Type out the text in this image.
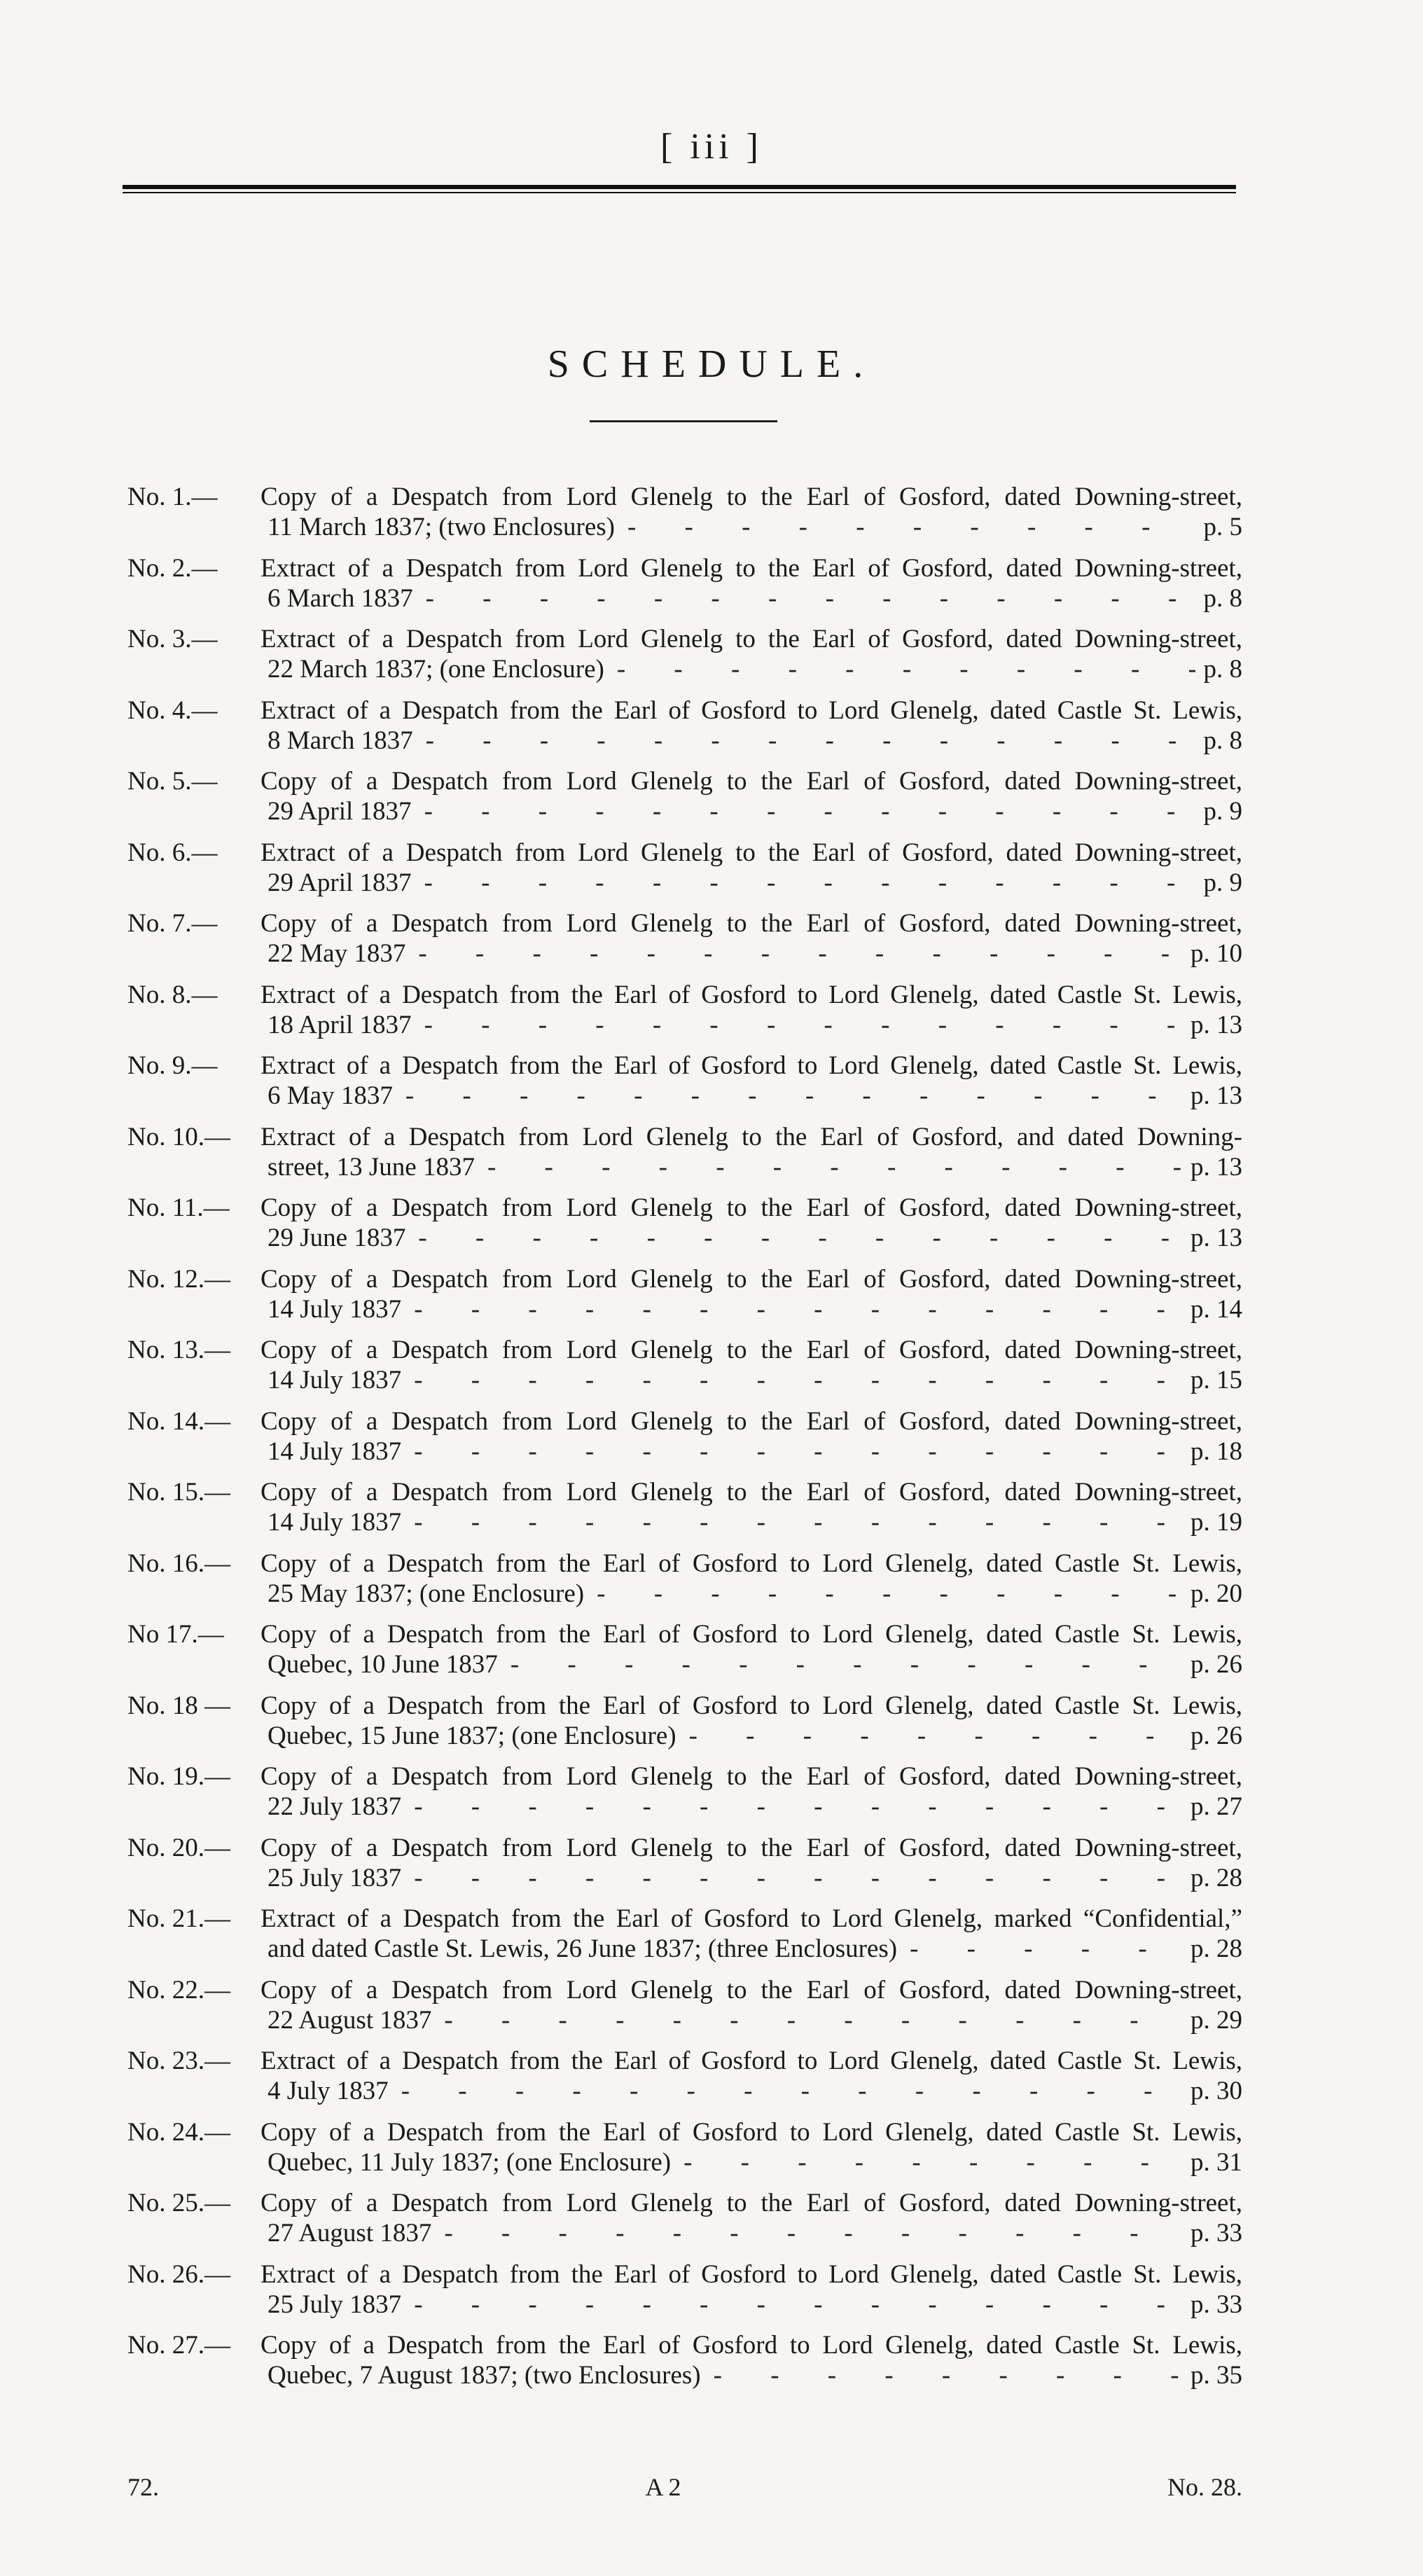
[ iii ]
SCHEDULE.
No. 1.—	Copy of a Despatch from Lord Glenelg to the Earl of Gosford, dated Downing-street,
11 March 1837; (two Enclosures) - - -	p. 5
No. 2.—	Extract of a Despatch from Lord Glenelg to the Earl of Gosford, dated Downing-street,
6 March 1837 - - -	p. 8
No. 3.—	Extract of a Despatch from Lord Glenelg to the Earl of Gosford, dated Downing-street,
22 March 1837; (one Enclosure) - - -	p. 8
No. 4.—	Extract of a Despatch from the Earl of Gosford to Lord Glenelg, dated Castle St. Lewis,
8 March 1837 - - -	p. 8
No. 5.—	Copy of a Despatch from Lord Glenelg to the Earl of Gosford, dated Downing-street,
29 April 1837 - - -	p. 9
No. 6.—	Extract of a Despatch from Lord Glenelg to the Earl of Gosford, dated Downing-street,
29 April 1837 - - -	p. 9
No. 7.—	Copy of a Despatch from Lord Glenelg to the Earl of Gosford, dated Downing-street,
22 May 1837 - - -	p. 10
No. 8.—	Extract of a Despatch from the Earl of Gosford to Lord Glenelg, dated Castle St. Lewis,
18 April 1837 - - -	p. 13
No. 9.—	Extract of a Despatch from the Earl of Gosford to Lord Glenelg, dated Castle St. Lewis,
6 May 1837 - - -	p. 13
No. 10.—	Extract of a Despatch from Lord Glenelg to the Earl of Gosford, and dated Downing-
street, 13 June 1837 - - -	p. 13
No. 11.—	Copy of a Despatch from Lord Glenelg to the Earl of Gosford, dated Downing-street,
29 June 1837 - - -	p. 13
No. 12.—	Copy of a Despatch from Lord Glenelg to the Earl of Gosford, dated Downing-street,
14 July 1837 - - -	p. 14
No. 13.—	Copy of a Despatch from Lord Glenelg to the Earl of Gosford, dated Downing-street,
14 July 1837 - - -	p. 15
No. 14.—	Copy of a Despatch from Lord Glenelg to the Earl of Gosford, dated Downing-street,
14 July 1837 - - -	p. 18
No. 15.—	Copy of a Despatch from Lord Glenelg to the Earl of Gosford, dated Downing-street,
14 July 1837 - - -	p. 19
No. 16.—	Copy of a Despatch from the Earl of Gosford to Lord Glenelg, dated Castle St. Lewis,
25 May 1837; (one Enclosure) - - -	p. 20
No 17.—	Copy of a Despatch from the Earl of Gosford to Lord Glenelg, dated Castle St. Lewis,
Quebec, 10 June 1837 - - -	p. 26
No. 18 —	Copy of a Despatch from the Earl of Gosford to Lord Glenelg, dated Castle St. Lewis,
Quebec, 15 June 1837; (one Enclosure) - - -	p. 26
No. 19.—	Copy of a Despatch from Lord Glenelg to the Earl of Gosford, dated Downing-street,
22 July 1837 - - -	p. 27
No. 20.—	Copy of a Despatch from Lord Glenelg to the Earl of Gosford, dated Downing-street,
25 July 1837 - - -	p. 28
No. 21.—	Extract of a Despatch from the Earl of Gosford to Lord Glenelg, marked “Confidential,”
and dated Castle St. Lewis, 26 June 1837; (three Enclosures) - - -	p. 28
No. 22.—	Copy of a Despatch from Lord Glenelg to the Earl of Gosford, dated Downing-street,
22 August 1837 - - -	p. 29
No. 23.—	Extract of a Despatch from the Earl of Gosford to Lord Glenelg, dated Castle St. Lewis,
4 July 1837 - - -	p. 30
No. 24.—	Copy of a Despatch from the Earl of Gosford to Lord Glenelg, dated Castle St. Lewis,
Quebec, 11 July 1837; (one Enclosure) - - -	p. 31
No. 25.—	Copy of a Despatch from Lord Glenelg to the Earl of Gosford, dated Downing-street,
27 August 1837 - - -	p. 33
No. 26.—	Extract of a Despatch from the Earl of Gosford to Lord Glenelg, dated Castle St. Lewis,
25 July 1837 - - -	p. 33
No. 27.—	Copy of a Despatch from the Earl of Gosford to Lord Glenelg, dated Castle St. Lewis,
Quebec, 7 August 1837; (two Enclosures) - - -	p. 35
72.	A 2	No. 28.
